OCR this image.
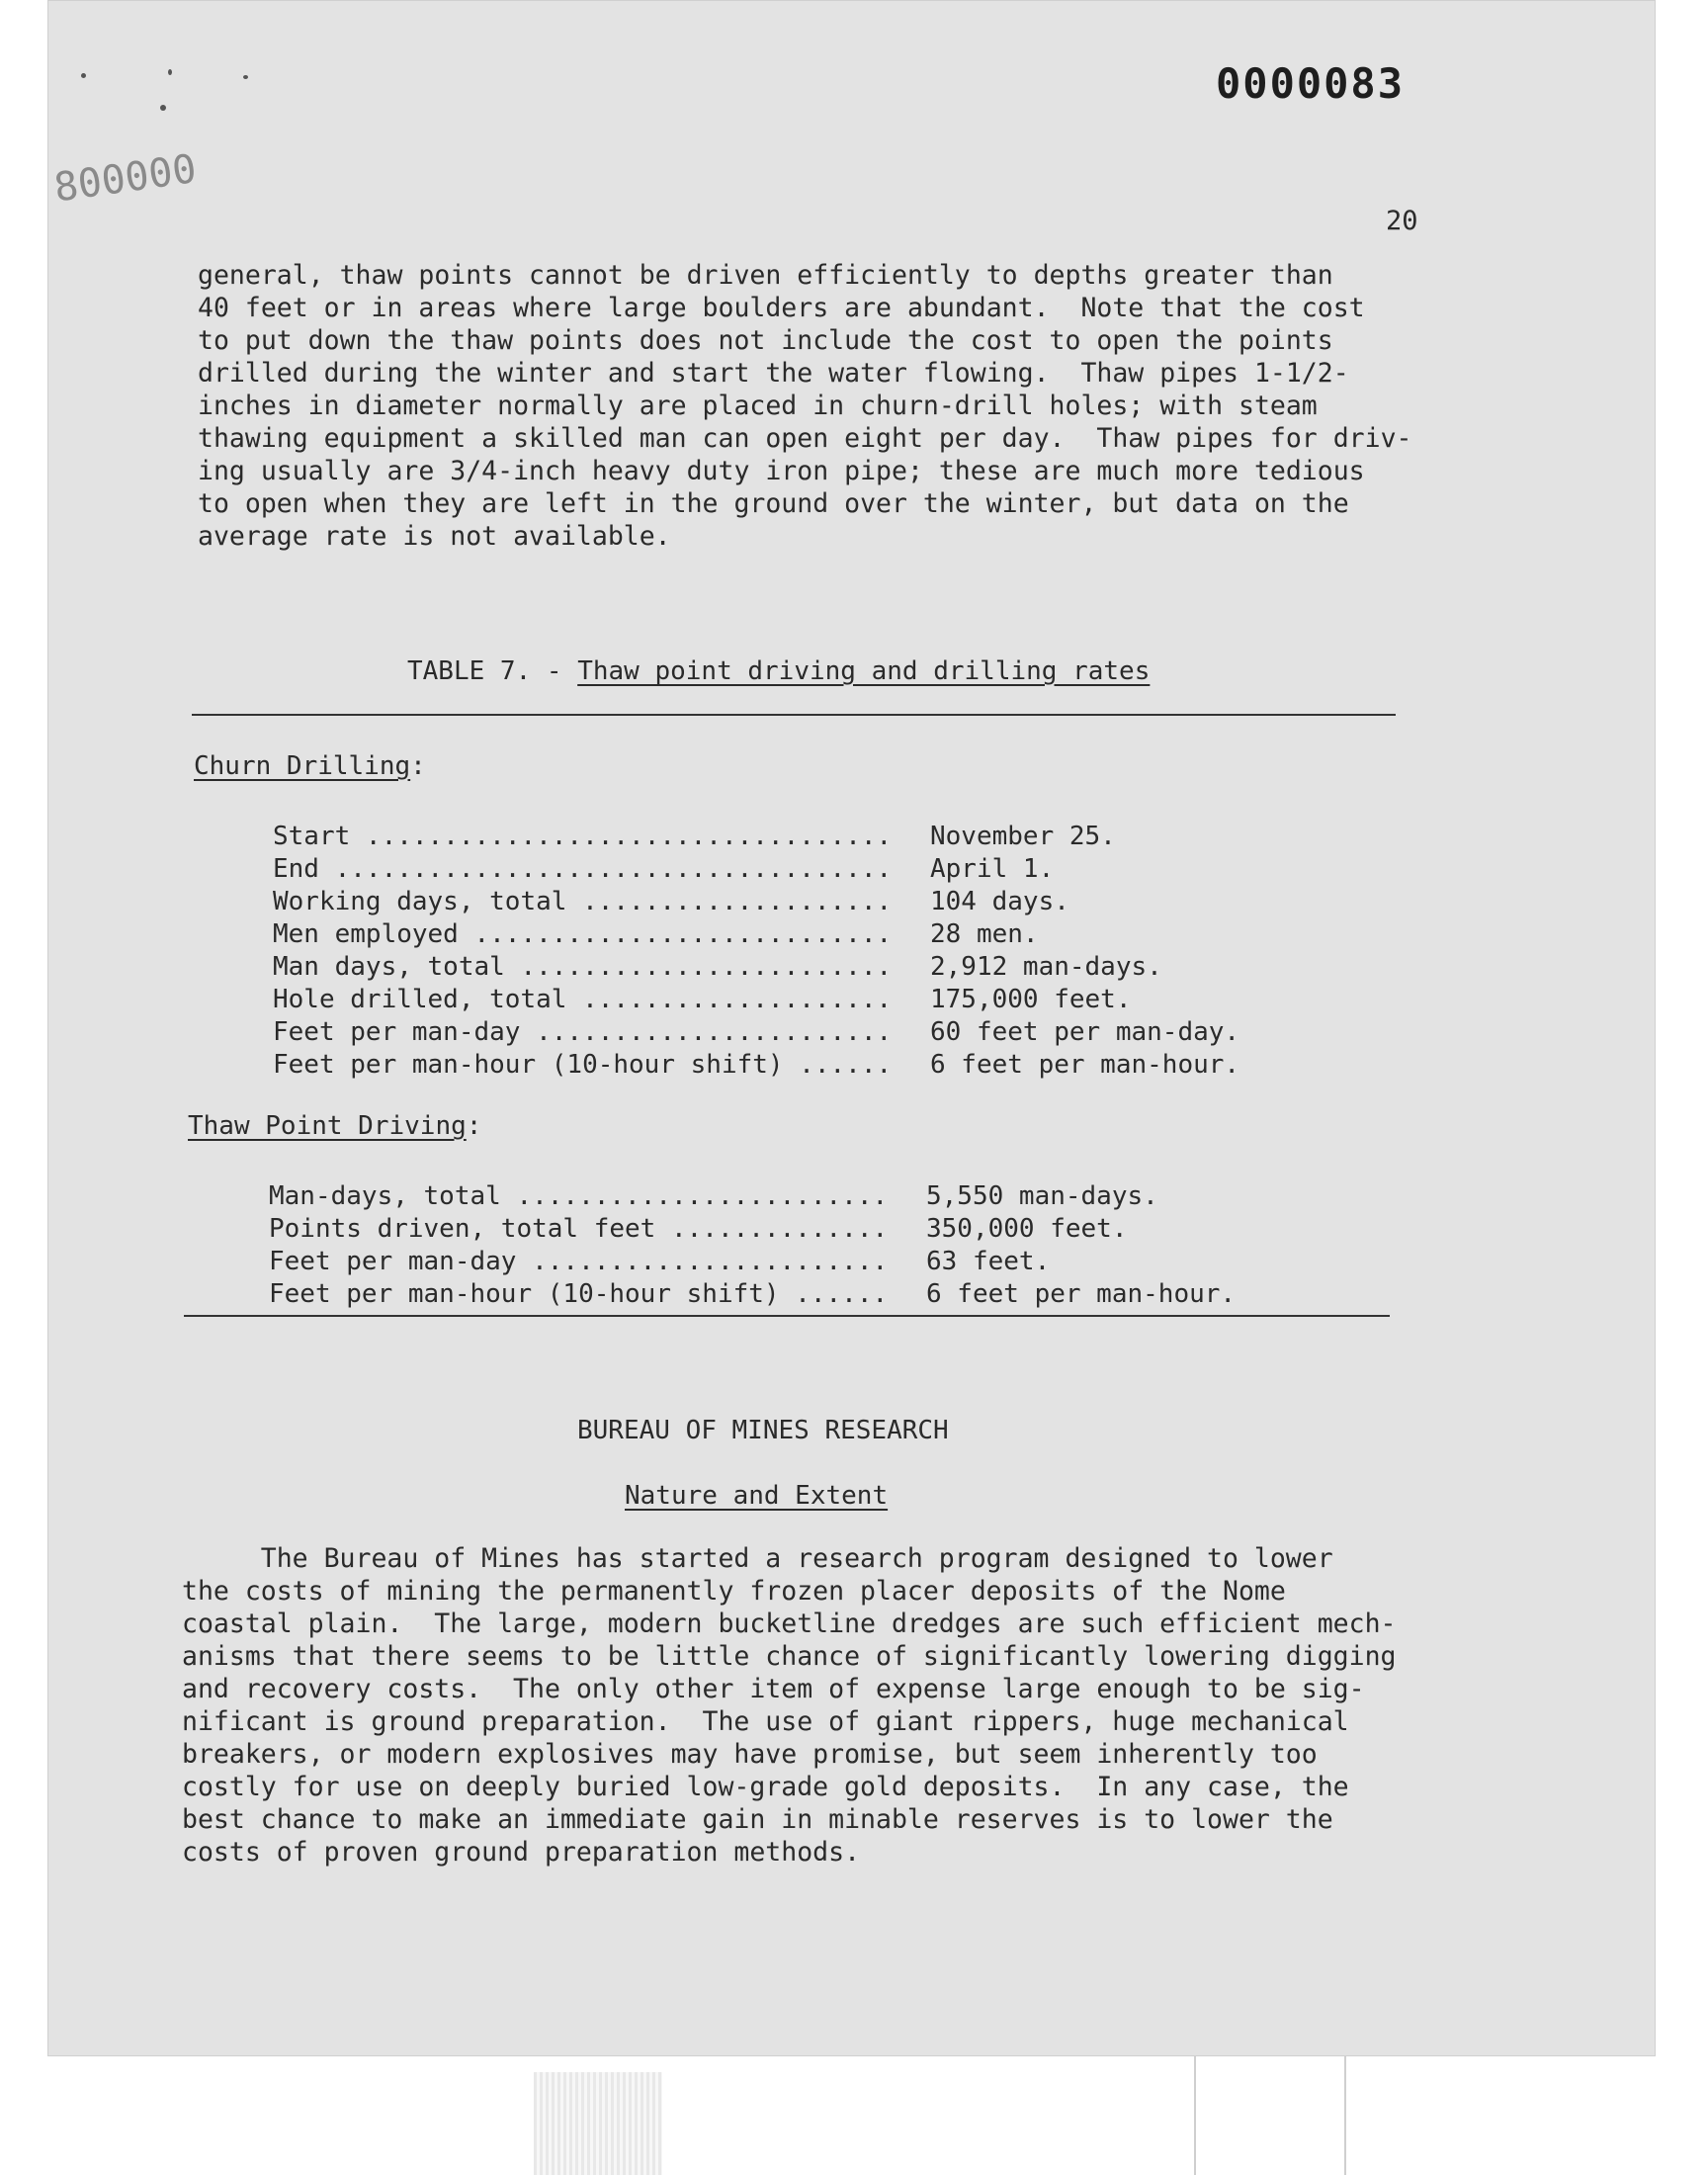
0000083
800000
20
general, thaw points cannot be driven efficiently to depths greater than
40 feet or in areas where large boulders are abundant.  Note that the cost
to put down the thaw points does not include the cost to open the points
drilled during the winter and start the water flowing.  Thaw pipes 1-1/2-
inches in diameter normally are placed in churn-drill holes; with steam
thawing equipment a skilled man can open eight per day.  Thaw pipes for driv-
ing usually are 3/4-inch heavy duty iron pipe; these are much more tedious
to open when they are left in the ground over the winter, but data on the
average rate is not available.
TABLE 7. - Thaw point driving and drilling rates
Churn Drilling:
Start .....	November 25.
End .....	April 1.
Working days, total .....	104 days.
Men employed .....	28 men.
Man days, total .....	2,912 man-days.
Hole drilled, total .....	175,000 feet.
Feet per man-day .....	60 feet per man-day.
Feet per man-hour (10-hour shift) .....	6 feet per man-hour.
Thaw Point Driving:
Man-days, total .....	5,550 man-days.
Points driven, total feet .....	350,000 feet.
Feet per man-day .....	63 feet.
Feet per man-hour (10-hour shift) .....	6 feet per man-hour.
BUREAU OF MINES RESEARCH
Nature and Extent
The Bureau of Mines has started a research program designed to lower
the costs of mining the permanently frozen placer deposits of the Nome
coastal plain.  The large, modern bucketline dredges are such efficient mech-
anisms that there seems to be little chance of significantly lowering digging
and recovery costs.  The only other item of expense large enough to be sig-
nificant is ground preparation.  The use of giant rippers, huge mechanical
breakers, or modern explosives may have promise, but seem inherently too
costly for use on deeply buried low-grade gold deposits.  In any case, the
best chance to make an immediate gain in minable reserves is to lower the
costs of proven ground preparation methods.
